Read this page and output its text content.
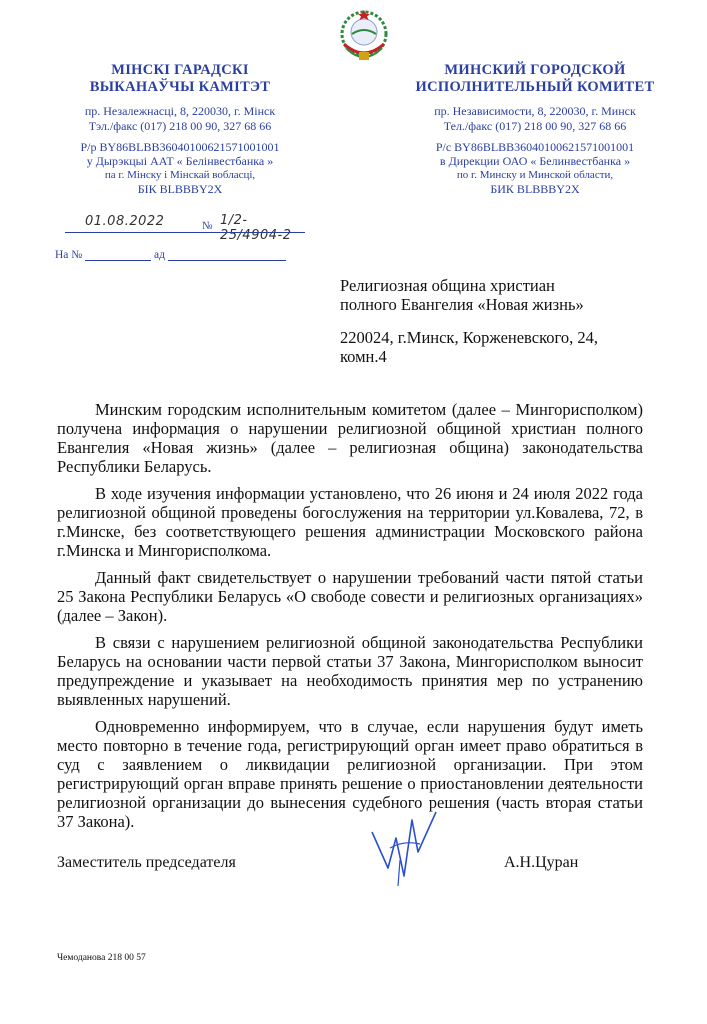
МІНСКІ ГАРАДСКІ
ВЫКАНАЎЧЫ КАМІТЭТ
пр. Незалежнасці, 8, 220030, г. Мінск
Тэл./факс (017) 218 00 90, 327 68 66
Р/р BY86BLBB36040100621571001001
у Дырэкцыі ААТ « Белінвестбанка »
па г. Мінску і Мінскай вобласці,
БІК BLBBBY2X
МИНСКИЙ ГОРОДСКОЙ
ИСПОЛНИТЕЛЬНЫЙ КОМИТЕТ
пр. Независимости, 8, 220030, г. Минск
Тел./факс (017) 218 00 90, 327 68 66
Р/с BY86BLBB36040100621571001001
в Дирекции ОАО « Белинвестбанка »
по г. Минску и Минской области,
БИК BLBBBY2X
01.08.2022	№ 1/2-25/4904-2
На №	ад
Религиозная община христиан
полного Евангелия «Новая жизнь»
220024, г.Минск, Корженевского, 24,
комн.4

Минским городским исполнительным комитетом (далее – Мингорисполком) получена информация о нарушении религиозной общиной христиан полного Евангелия «Новая жизнь» (далее – религиозная община) законодательства Республики Беларусь.

В ходе изучения информации установлено, что 26 июня и 24 июля 2022 года религиозной общиной проведены богослужения на территории ул.Ковалева, 72, в г.Минске, без соответствующего решения администрации Московского района г.Минска и Мингорисполкома.

Данный факт свидетельствует о нарушении требований части пятой статьи 25 Закона Республики Беларусь «О свободе совести и религиозных организациях» (далее – Закон).

В связи с нарушением религиозной общиной законодательства Республики Беларусь на основании части первой статьи 37 Закона, Мингорисполком выносит предупреждение и указывает на необходимость принятия мер по устранению выявленных нарушений.

Одновременно информируем, что в случае, если нарушения будут иметь место повторно в течение года, регистрирующий орган имеет право обратиться в суд с заявлением о ликвидации религиозной организации. При этом регистрирующий орган вправе принять решение о приостановлении деятельности религиозной организации до вынесения судебного решения (часть вторая статьи 37 Закона).

Заместитель председателя	А.Н.Цуран
Чемоданова 218 00 57
